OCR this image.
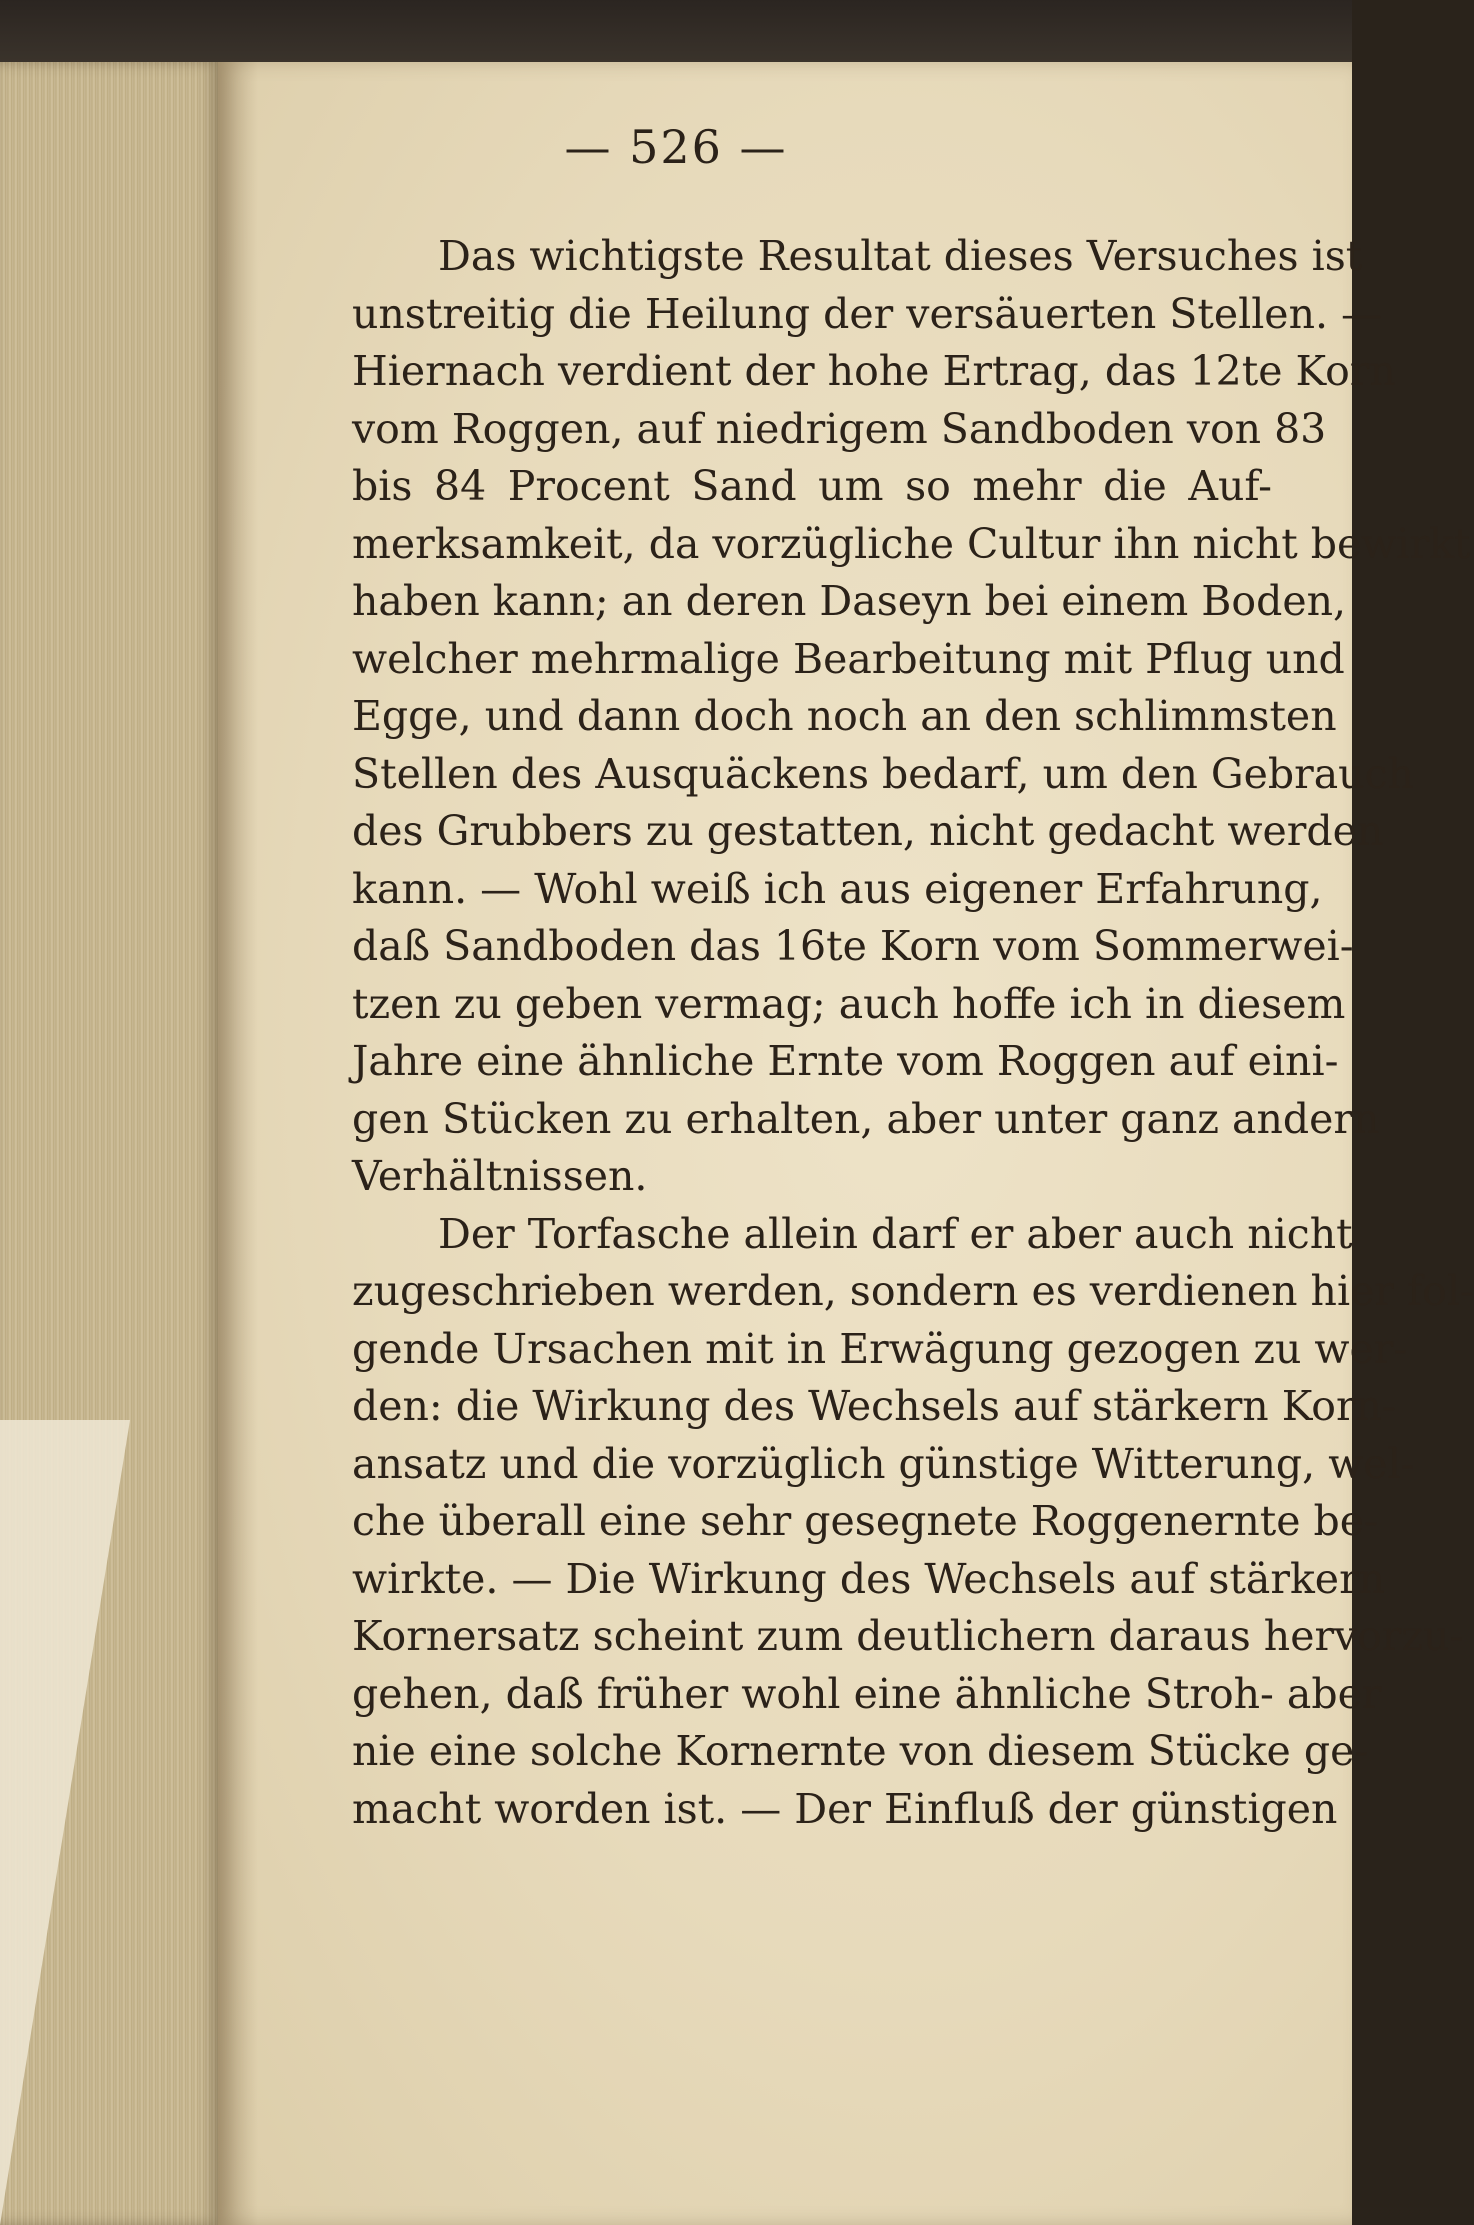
— 526 —
Das wichtigste Resultat dieses Versuches ist
unstreitig die Heilung der versäuerten Stellen. —
Hiernach verdient der hohe Ertrag, das 12te Korn
vom Roggen, auf niedrigem Sandboden von 83
bis 84 Procent Sand um so mehr die Auf-
merksamkeit, da vorzügliche Cultur ihn nicht bewirkt
haben kann; an deren Daseyn bei einem Boden,
welcher mehrmalige Bearbeitung mit Pflug und
Egge, und dann doch noch an den schlimmsten
Stellen des Ausquäckens bedarf, um den Gebrauch
des Grubbers zu gestatten, nicht gedacht werden
kann. — Wohl weiß ich aus eigener Erfahrung,
daß Sandboden das 16te Korn vom Sommerwei-
tzen zu geben vermag; auch hoffe ich in diesem
Jahre eine ähnliche Ernte vom Roggen auf eini-
gen Stücken zu erhalten, aber unter ganz andern
Verhältnissen.
Der Torfasche allein darf er aber auch nicht
zugeschrieben werden, sondern es verdienen hier fol-
gende Ursachen mit in Erwägung gezogen zu wer-
den: die Wirkung des Wechsels auf stärkern Korn-
ansatz und die vorzüglich günstige Witterung, wel-
che überall eine sehr gesegnete Roggenernte be-
wirkte. — Die Wirkung des Wechsels auf stärkern
Kornersatz scheint zum deutlichern daraus hervorzu-
gehen, daß früher wohl eine ähnliche Stroh- aber
nie eine solche Kornernte von diesem Stücke ge-
macht worden ist. — Der Einfluß der günstigen
